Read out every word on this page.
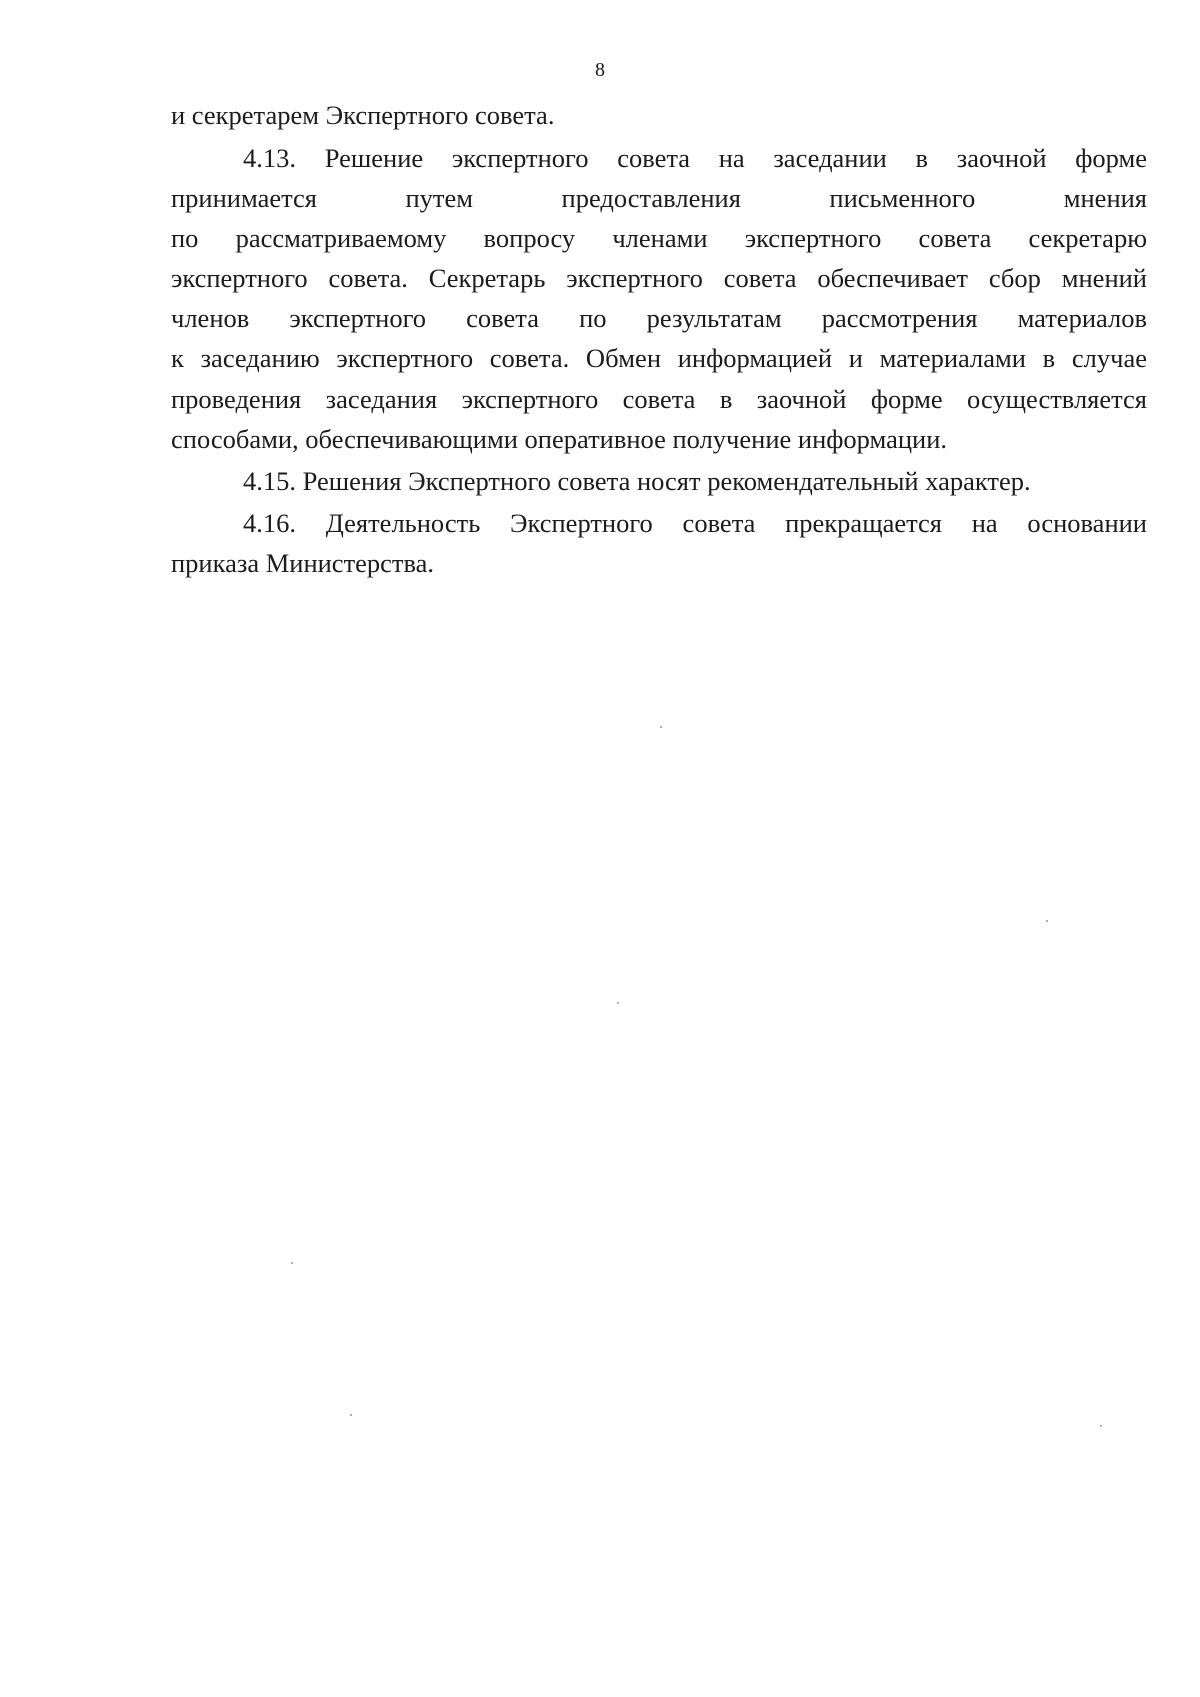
8
и секретарем Экспертного совета.
4.13. Решение экспертного совета на заседании в заочной форме
принимается путем предоставления письменного мнения
по рассматриваемому вопросу членами экспертного совета секретарю
экспертного совета. Секретарь экспертного совета обеспечивает сбор мнений
членов экспертного совета по результатам рассмотрения материалов
к заседанию экспертного совета. Обмен информацией и материалами в случае
проведения заседания экспертного совета в заочной форме осуществляется
способами, обеспечивающими оперативное получение информации.
4.15. Решения Экспертного совета носят рекомендательный характер.
4.16. Деятельность Экспертного совета прекращается на основании
приказа Министерства.
